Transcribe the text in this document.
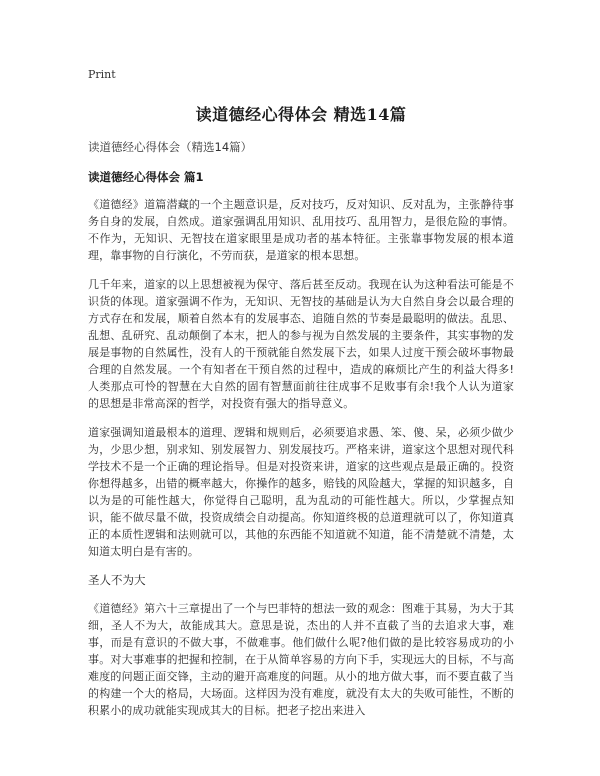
Print
读道德经心得体会 精选14篇
读道德经心得体会（精选14篇）
读道德经心得体会 篇1

《道德经》道篇潜藏的一个主题意识是，反对技巧，反对知识、反对乱为，主张静待事务自身的发展，自然成。道家强调乱用知识、乱用技巧、乱用智力，是很危险的事情。不作为，无知识、无智技在道家眼里是成功者的基本特征。主张靠事物发展的根本道理，靠事物的自行演化，不劳而获，是道家的根本思想。

几千年来，道家的以上思想被视为保守、落后甚至反动。我现在认为这种看法可能是不识货的体现。道家强调不作为，无知识、无智技的基础是认为大自然自身会以最合理的方式存在和发展，顺着自然本有的发展事态、追随自然的节奏是最聪明的做法。乱思、乱想、乱研究、乱动颠倒了本末，把人的参与视为自然发展的主要条件，其实事物的发展是事物的自然属性，没有人的干预就能自然发展下去，如果人过度干预会破坏事物最合理的自然发展。一个有知者在干预自然的过程中，造成的麻烦比产生的利益大得多!人类那点可怜的智慧在大自然的固有智慧面前往往成事不足败事有余!我个人认为道家的思想是非常高深的哲学，对投资有强大的指导意义。

道家强调知道最根本的道理、逻辑和规则后，必须要追求愚、笨、傻、呆，必须少做少为，少思少想，别求知、别发展智力、别发展技巧。严格来讲，道家这个思想对现代科学技术不是一个正确的理论指导。但是对投资来讲，道家的这些观点是最正确的。投资你想得越多，出错的概率越大，你操作的越多，赔钱的风险越大，掌握的知识越多，自以为是的可能性越大，你觉得自己聪明，乱为乱动的可能性越大。所以，少掌握点知识，能不做尽量不做，投资成绩会自动提高。你知道终极的总道理就可以了，你知道真正的本质性逻辑和法则就可以，其他的东西能不知道就不知道，能不清楚就不清楚，太知道太明白是有害的。

圣人不为大

《道德经》第六十三章提出了一个与巴菲特的想法一致的观念：图难于其易，为大于其细，圣人不为大，故能成其大。意思是说，杰出的人并不直截了当的去追求大事，难事，而是有意识的不做大事，不做难事。他们做什么呢?他们做的是比较容易成功的小事。对大事难事的把握和控制，在于从简单容易的方向下手，实现远大的目标，不与高难度的问题正面交锋，主动的避开高难度的问题。从小的地方做大事，而不要直截了当的构建一个大的格局，大场面。这样因为没有难度，就没有太大的失败可能性，不断的积累小的成功就能实现成其大的目标。把老子挖出来进入
